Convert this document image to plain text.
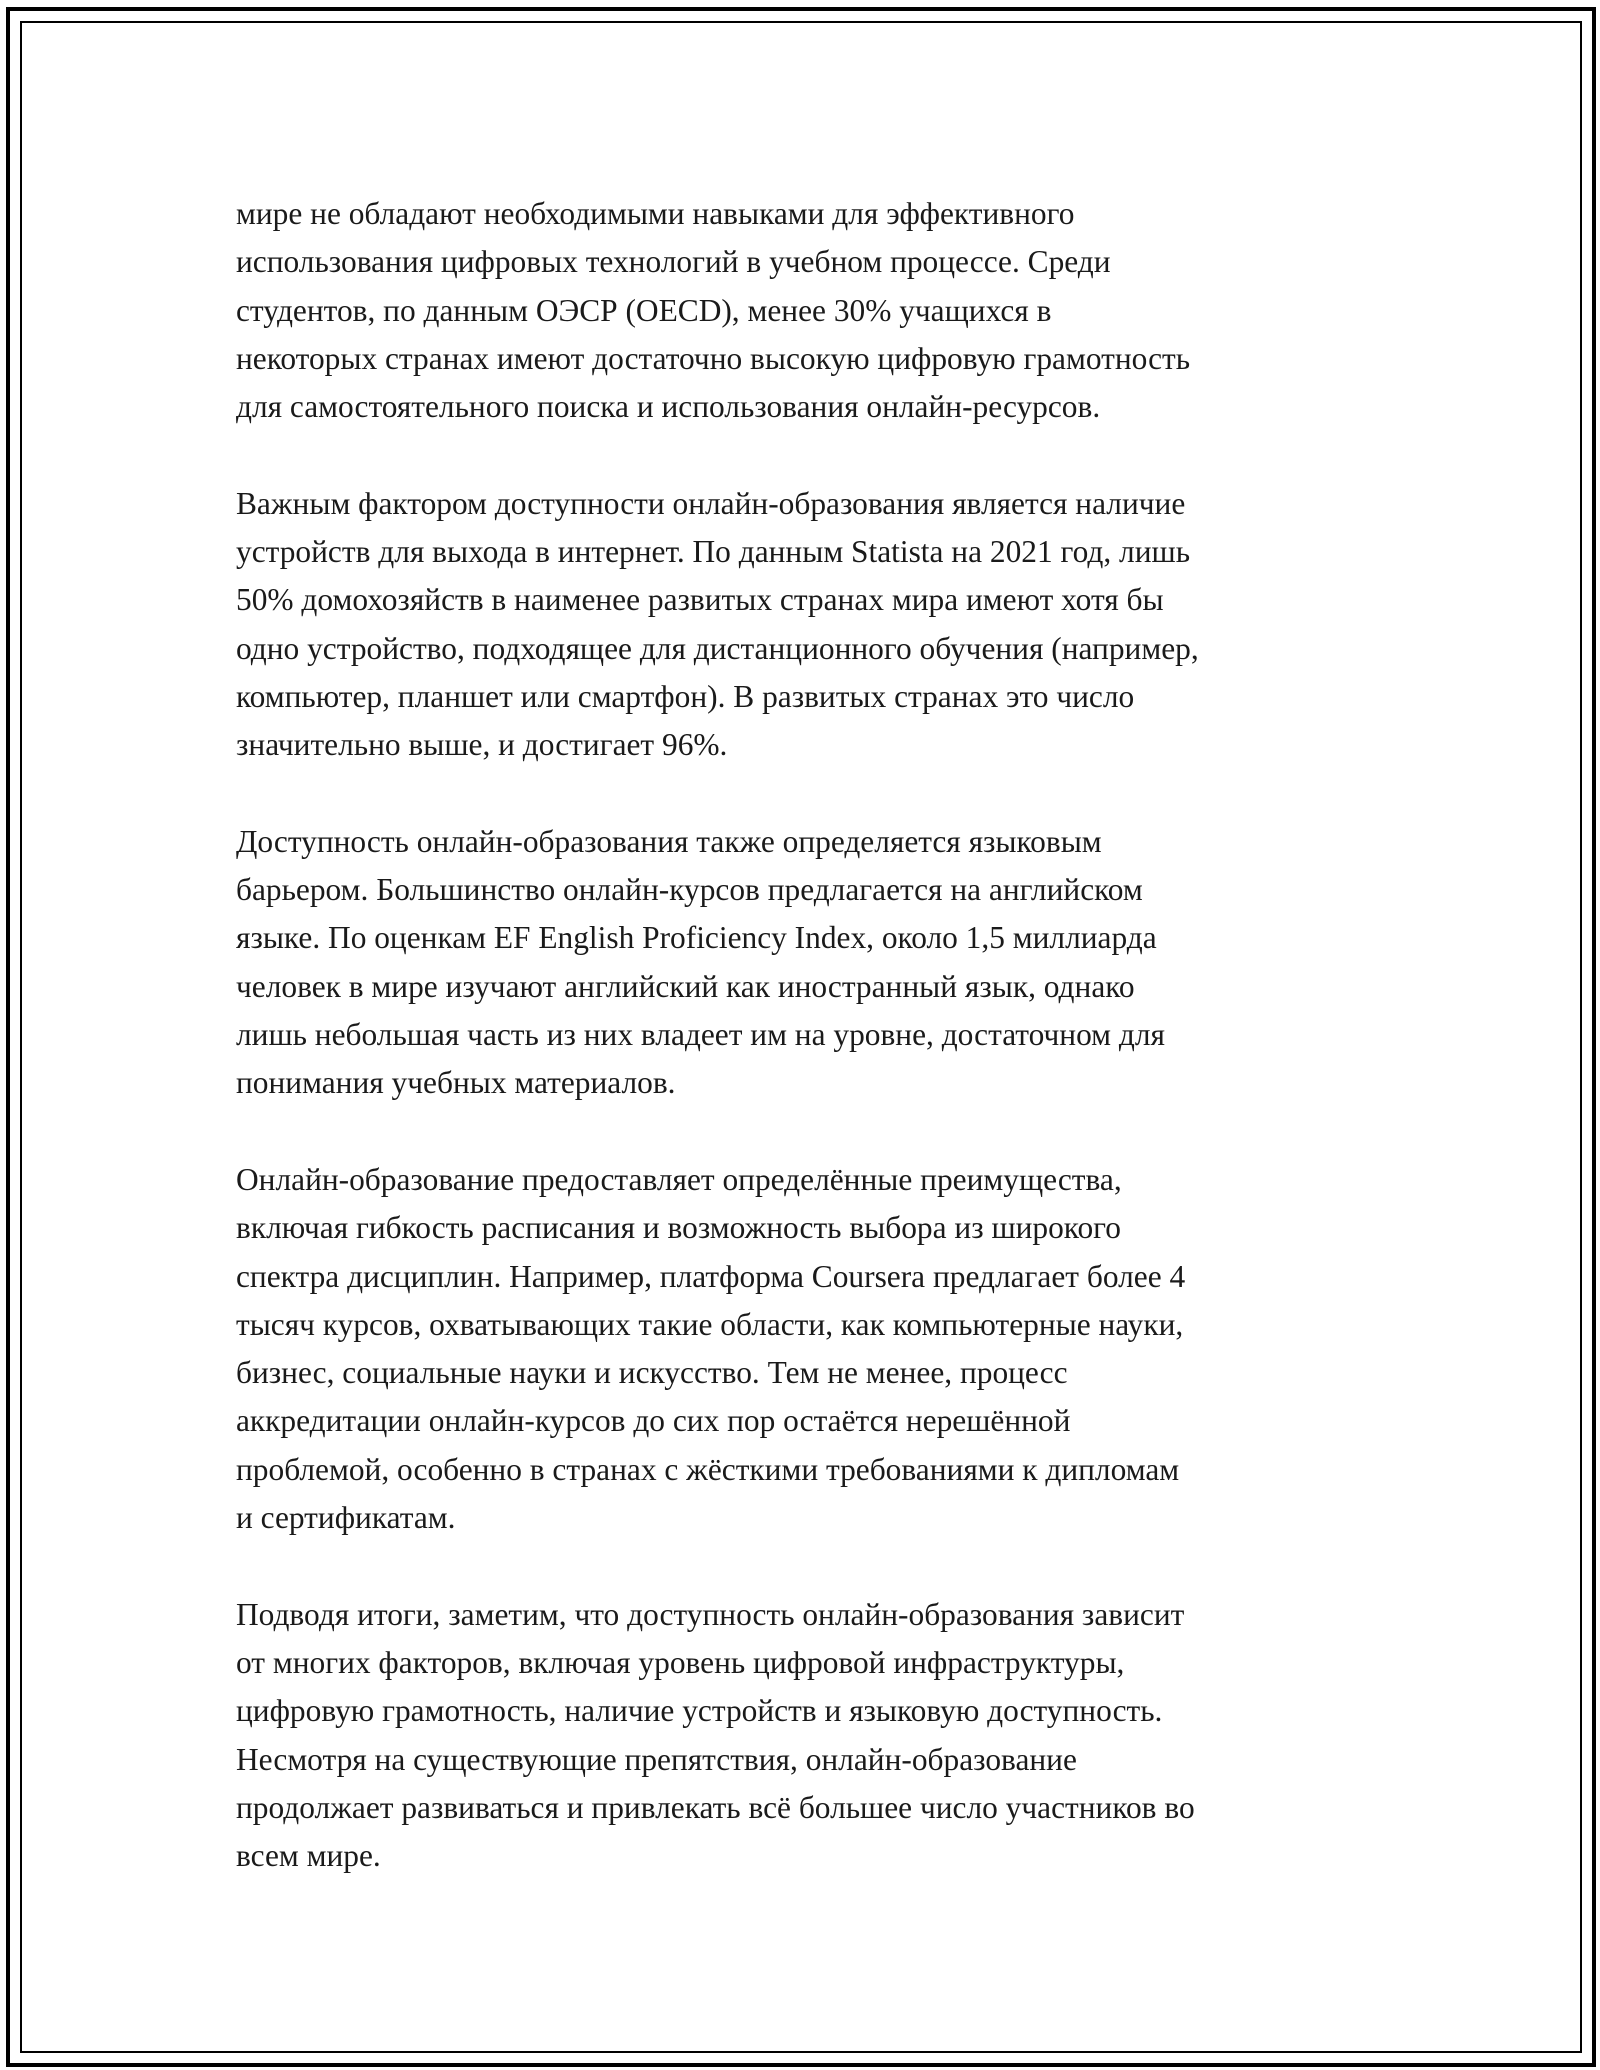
мире не обладают необходимыми навыками для эффективного
использования цифровых технологий в учебном процессе. Среди
студентов, по данным ОЭСР (OECD), менее 30% учащихся в
некоторых странах имеют достаточно высокую цифровую грамотность
для самостоятельного поиска и использования онлайн-ресурсов.

Важным фактором доступности онлайн-образования является наличие
устройств для выхода в интернет. По данным Statista на 2021 год, лишь
50% домохозяйств в наименее развитых странах мира имеют хотя бы
одно устройство, подходящее для дистанционного обучения (например,
компьютер, планшет или смартфон). В развитых странах это число
значительно выше, и достигает 96%.

Доступность онлайн-образования также определяется языковым
барьером. Большинство онлайн-курсов предлагается на английском
языке. По оценкам EF English Proficiency Index, около 1,5 миллиарда
человек в мире изучают английский как иностранный язык, однако
лишь небольшая часть из них владеет им на уровне, достаточном для
понимания учебных материалов.

Онлайн-образование предоставляет определённые преимущества,
включая гибкость расписания и возможность выбора из широкого
спектра дисциплин. Например, платформа Coursera предлагает более 4
тысяч курсов, охватывающих такие области, как компьютерные науки,
бизнес, социальные науки и искусство. Тем не менее, процесс
аккредитации онлайн-курсов до сих пор остаётся нерешённой
проблемой, особенно в странах с жёсткими требованиями к дипломам
и сертификатам.

Подводя итоги, заметим, что доступность онлайн-образования зависит
от многих факторов, включая уровень цифровой инфраструктуры,
цифровую грамотность, наличие устройств и языковую доступность.
Несмотря на существующие препятствия, онлайн-образование
продолжает развиваться и привлекать всё большее число участников во
всем мире.
